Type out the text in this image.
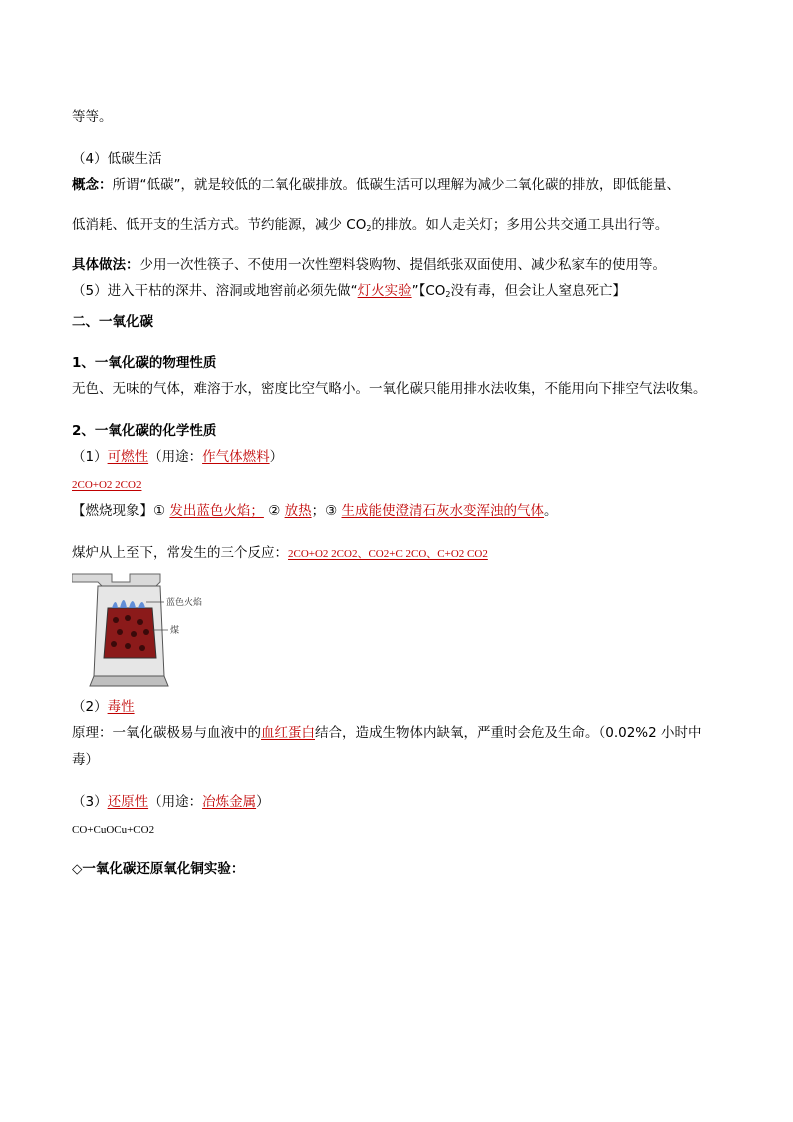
等等。
（4）低碳生活
概念：所谓“低碳”，就是较低的二氧化碳排放。低碳生活可以理解为减少二氧化碳的排放，即低能量、
低消耗、低开支的生活方式。节约能源，减少 $CO_2$的排放。如人走关灯；多用公共交通工具出行等。
具体做法：少用一次性筷子、不使用一次性塑料袋购物、提倡纸张双面使用、减少私家车的使用等。
（5）进入干枯的深井、溶洞或地窖前必须先做“灯火实验”【$CO_2$没有毒，但会让人窒息死亡】
二、一氧化碳
1、一氧化碳的物理性质
无色、无味的气体，难溶于水，密度比空气略小。一氧化碳只能用排水法收集，不能用向下排空气法收集。
2、一氧化碳的化学性质
（1）可燃性（用途：作气体燃料）
2CO+O2 2CO2
【燃烧现象】① 发出蓝色火焰； ② 放热；③ 生成能使澄清石灰水变浑浊的气体。
煤炉从上至下，常发生的三个反应：2CO+O2 2CO2、CO2+C 2CO、C+O2 CO2
蓝色火焰
煤
（2）毒性
原理：一氧化碳极易与血液中的血红蛋白结合，造成生物体内缺氧，严重时会危及生命。（0.02%2 小时中
毒）
（3）还原性（用途：冶炼金属）
CO+CuOCu+CO2
◇一氧化碳还原氧化铜实验：
